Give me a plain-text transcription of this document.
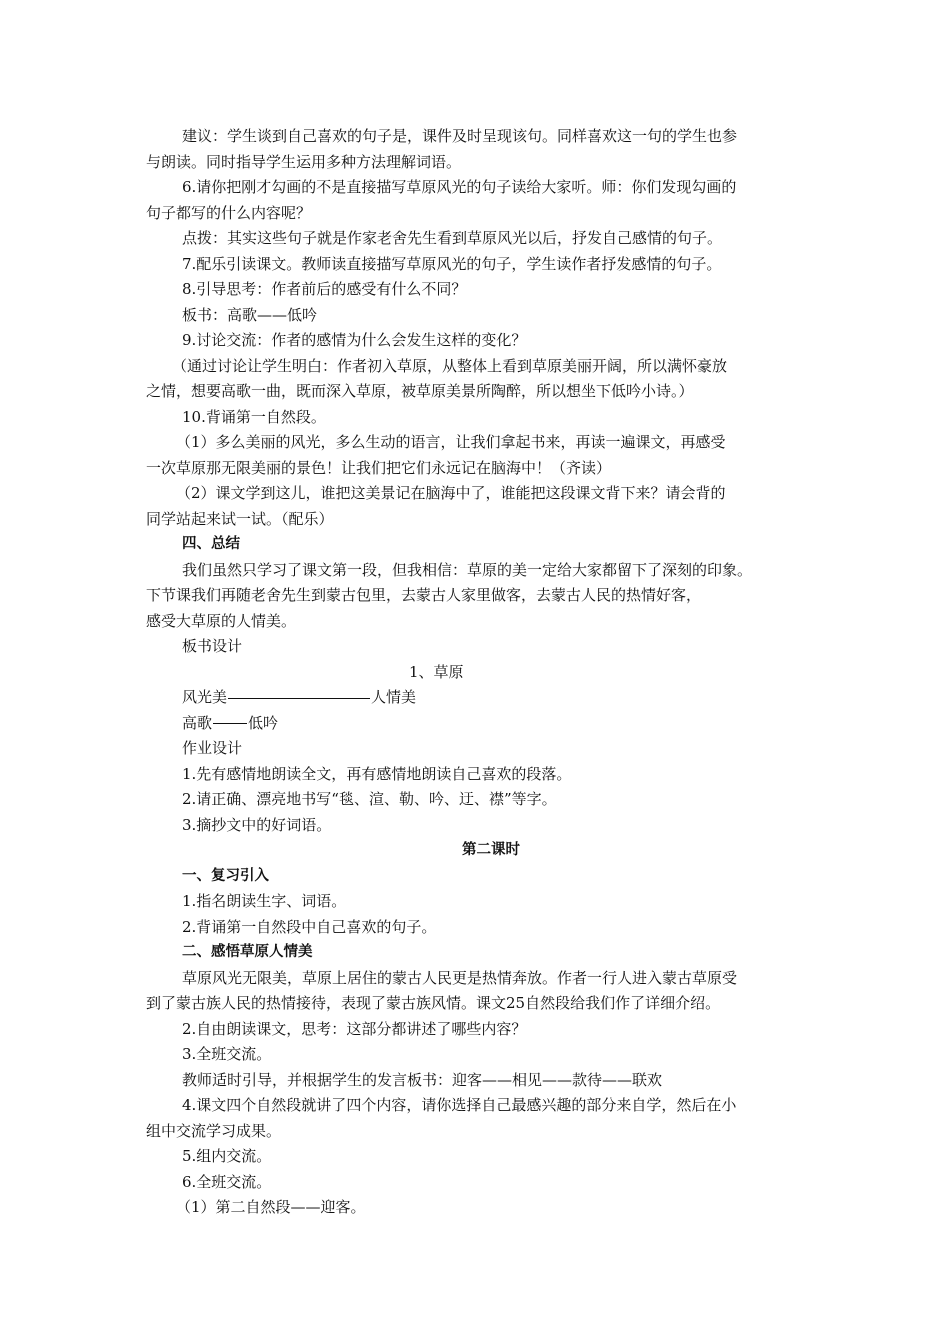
建议：学生谈到自己喜欢的句子是，课件及时呈现该句。同样喜欢这一句的学生也参
与朗读。同时指导学生运用多种方法理解词语。
6.请你把刚才勾画的不是直接描写草原风光的句子读给大家听。师：你们发现勾画的
句子都写的什么内容呢？
点拨：其实这些句子就是作家老舍先生看到草原风光以后，抒发自己感情的句子。
7.配乐引读课文。教师读直接描写草原风光的句子，学生读作者抒发感情的句子。
8.引导思考：作者前后的感受有什么不同？
板书：高歌——低吟
9.讨论交流：作者的感情为什么会发生这样的变化？
（通过讨论让学生明白：作者初入草原，从整体上看到草原美丽开阔，所以满怀豪放
之情，想要高歌一曲，既而深入草原，被草原美景所陶醉，所以想坐下低吟小诗。）
10.背诵第一自然段。
（1）多么美丽的风光，多么生动的语言，让我们拿起书来，再读一遍课文，再感受
一次草原那无限美丽的景色！让我们把它们永远记在脑海中！（齐读）
（2）课文学到这儿，谁把这美景记在脑海中了，谁能把这段课文背下来？请会背的
同学站起来试一试。（配乐）
四、总结
我们虽然只学习了课文第一段，但我相信：草原的美一定给大家都留下了深刻的印象。
下节课我们再随老舍先生到蒙古包里，去蒙古人家里做客，去蒙古人民的热情好客，
感受大草原的人情美。
板书设计
1、草原
风光美	人情美
高歌 低吟
作业设计
1.先有感情地朗读全文，再有感情地朗读自己喜欢的段落。
2.请正确、漂亮地书写“毯、渲、勒、吟、迂、襟”等字。
3.摘抄文中的好词语。
第二课时
一、复习引入
1.指名朗读生字、词语。
2.背诵第一自然段中自己喜欢的句子。
二、感悟草原人情美
草原风光无限美，草原上居住的蒙古人民更是热情奔放。作者一行人进入蒙古草原受
到了蒙古族人民的热情接待，表现了蒙古族风情。课文25自然段给我们作了详细介绍。
2.自由朗读课文，思考：这部分都讲述了哪些内容？
3.全班交流。
教师适时引导，并根据学生的发言板书：迎客——相见——款待——联欢
4.课文四个自然段就讲了四个内容，请你选择自己最感兴趣的部分来自学，然后在小
组中交流学习成果。
5.组内交流。
6.全班交流。
（1）第二自然段——迎客。
